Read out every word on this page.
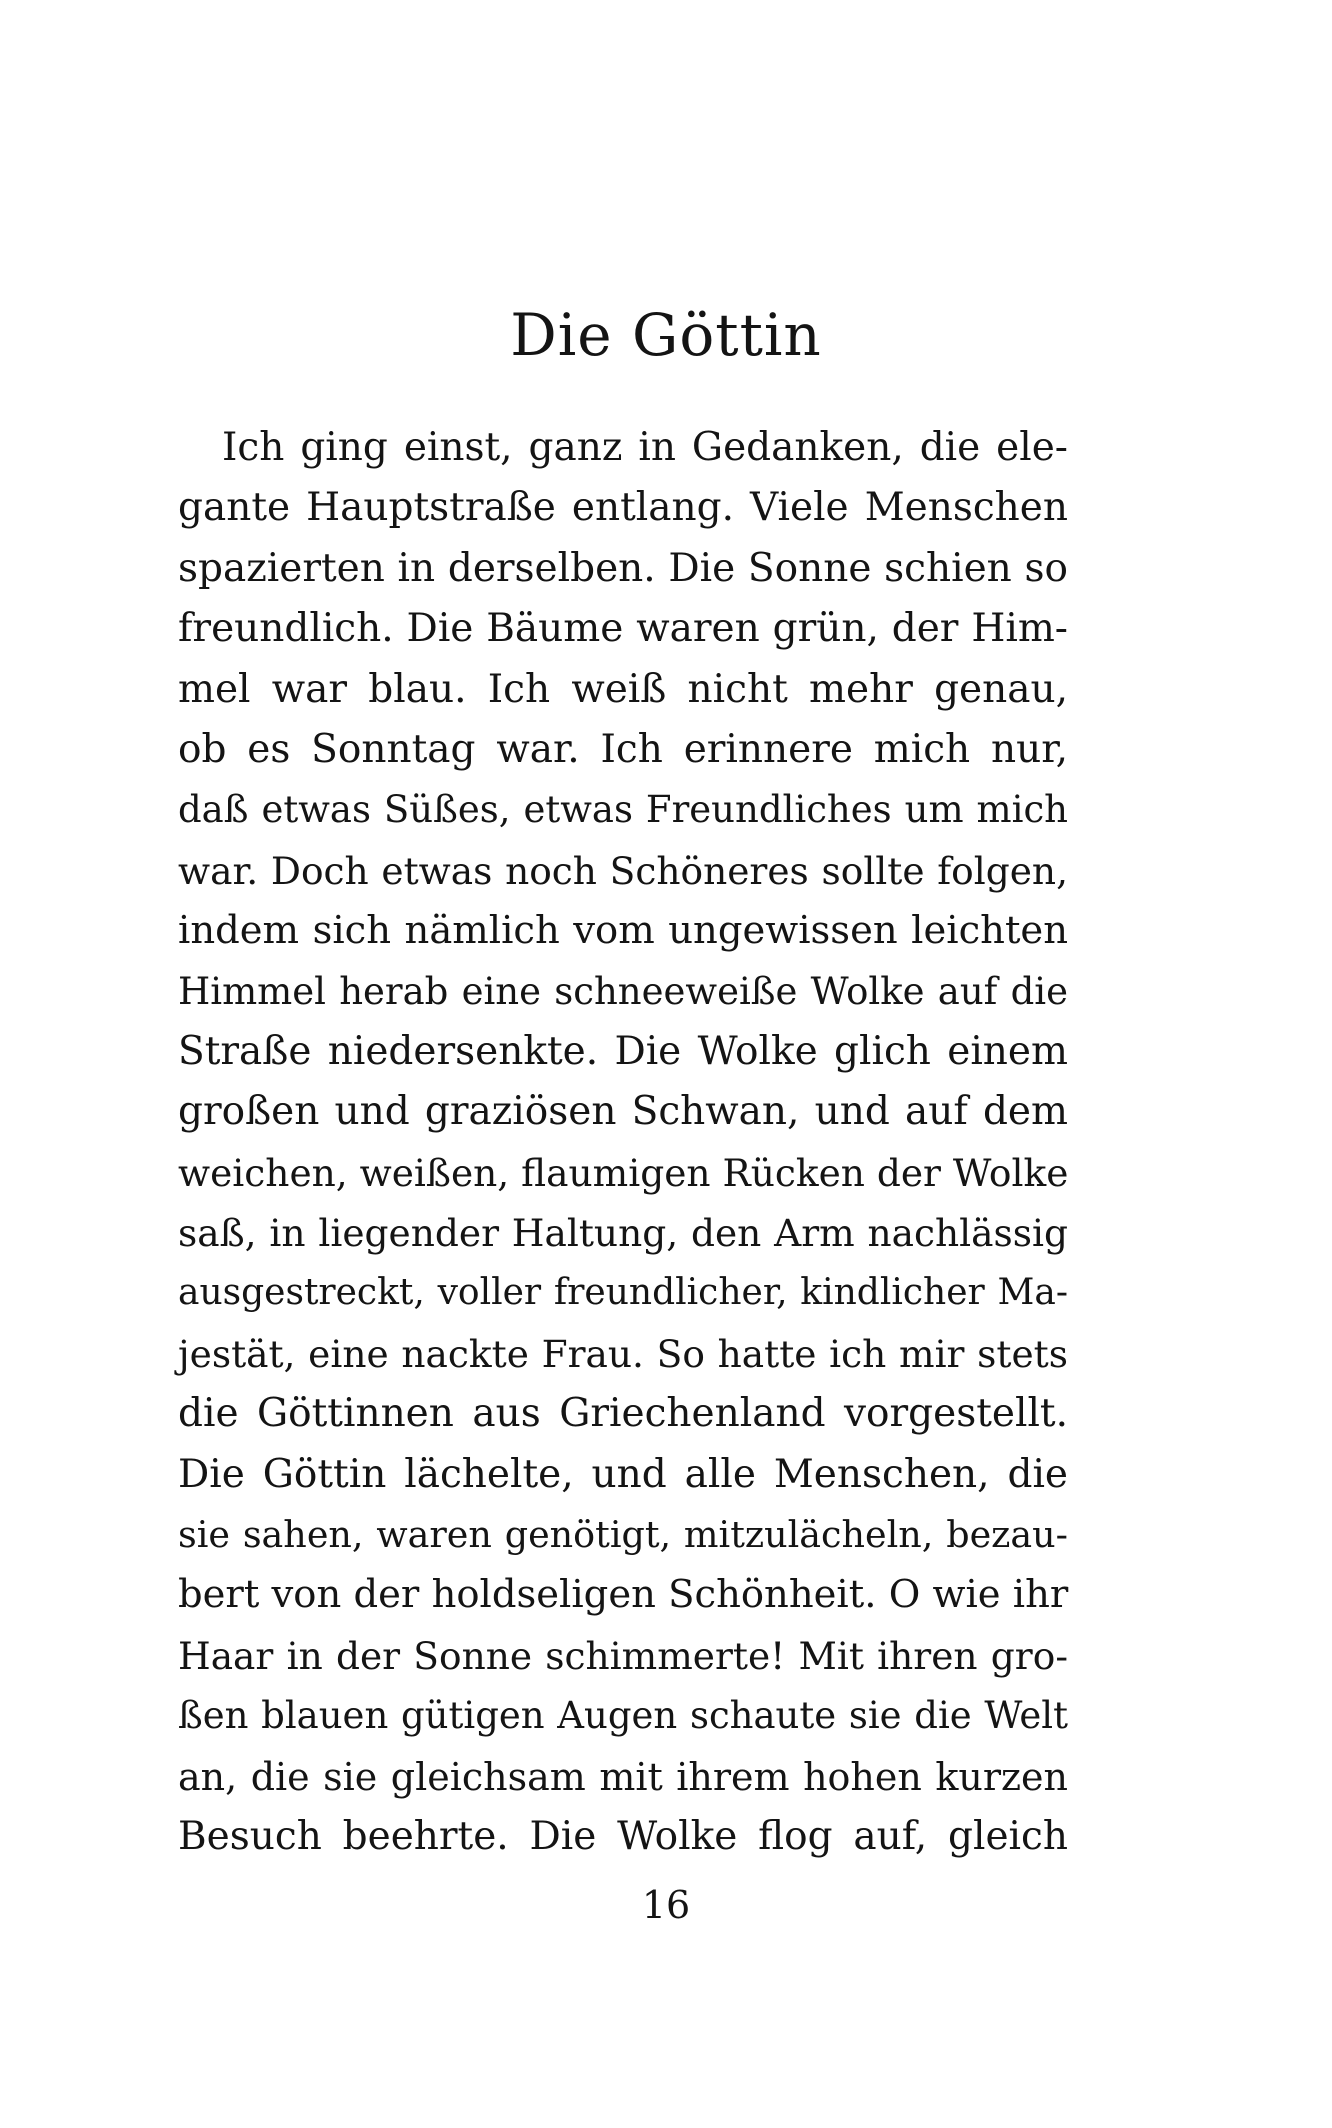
Die Göttin
Ich ging einst, ganz in Gedanken, die ele-
gante Hauptstraße entlang. Viele Menschen
spazierten in derselben. Die Sonne schien so
freundlich. Die Bäume waren grün, der Him-
mel war blau. Ich weiß nicht mehr genau,
ob es Sonntag war. Ich erinnere mich nur,
daß etwas Süßes, etwas Freundliches um mich
war. Doch etwas noch Schöneres sollte folgen,
indem sich nämlich vom ungewissen leichten
Himmel herab eine schneeweiße Wolke auf die
Straße niedersenkte. Die Wolke glich einem
großen und graziösen Schwan, und auf dem
weichen, weißen, flaumigen Rücken der Wolke
saß, in liegender Haltung, den Arm nachlässig
ausgestreckt, voller freundlicher, kindlicher Ma-
jestät, eine nackte Frau. So hatte ich mir stets
die Göttinnen aus Griechenland vorgestellt.
Die Göttin lächelte, und alle Menschen, die
sie sahen, waren genötigt, mitzulächeln, bezau-
bert von der holdseligen Schönheit. O wie ihr
Haar in der Sonne schimmerte! Mit ihren gro-
ßen blauen gütigen Augen schaute sie die Welt
an, die sie gleichsam mit ihrem hohen kurzen
Besuch beehrte. Die Wolke flog auf, gleich
16
